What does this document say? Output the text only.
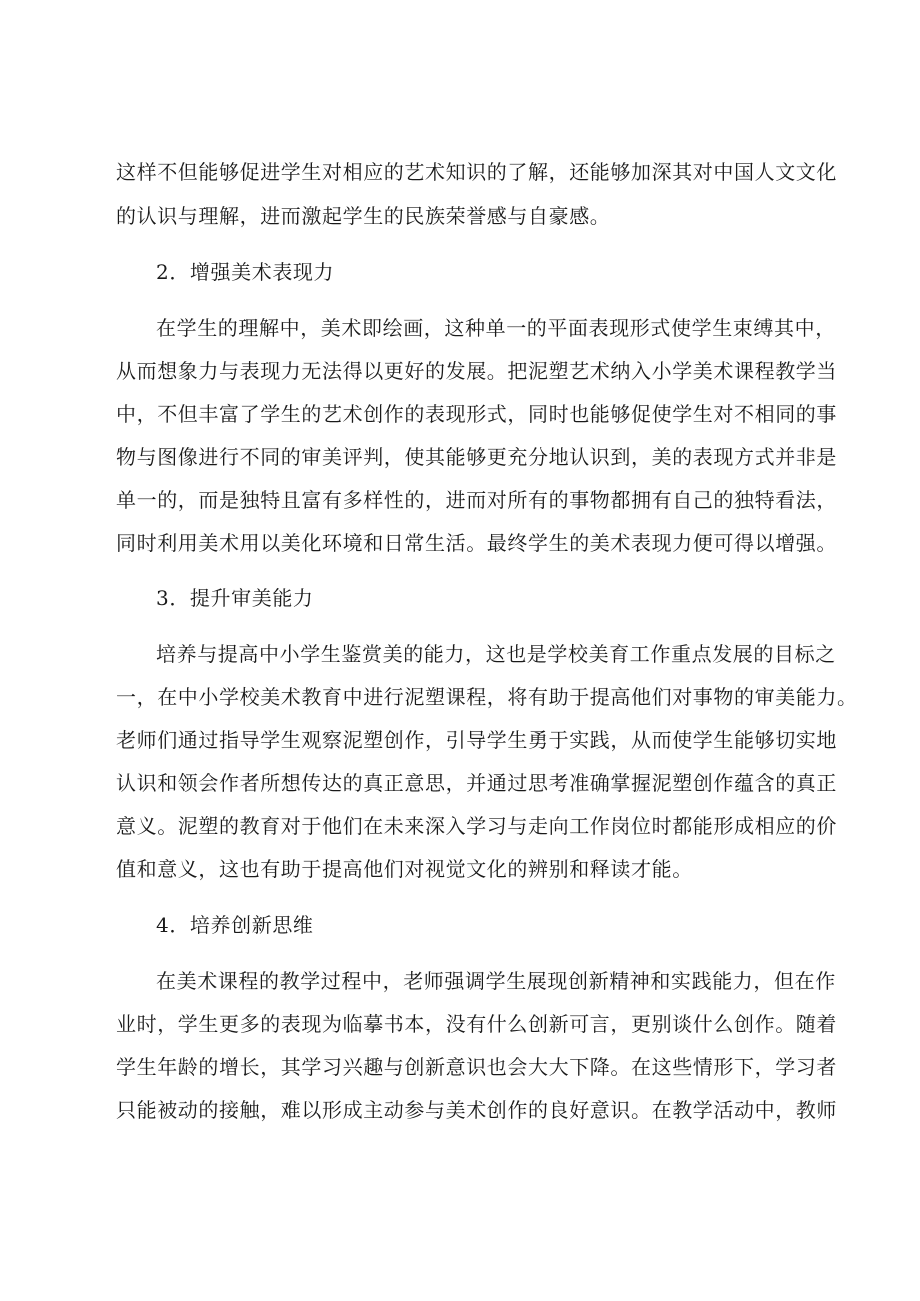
这样不但能够促进学生对相应的艺术知识的了解，还能够加深其对中国人文文化
的认识与理解，进而激起学生的民族荣誉感与自豪感。
2．增强美术表现力
在学生的理解中，美术即绘画，这种单一的平面表现形式使学生束缚其中，
从而想象力与表现力无法得以更好的发展。把泥塑艺术纳入小学美术课程教学当
中，不但丰富了学生的艺术创作的表现形式，同时也能够促使学生对不相同的事
物与图像进行不同的审美评判，使其能够更充分地认识到，美的表现方式并非是
单一的，而是独特且富有多样性的，进而对所有的事物都拥有自己的独特看法，
同时利用美术用以美化环境和日常生活。最终学生的美术表现力便可得以增强。
3．提升审美能力
培养与提高中小学生鉴赏美的能力，这也是学校美育工作重点发展的目标之
一，在中小学校美术教育中进行泥塑课程，将有助于提高他们对事物的审美能力。
老师们通过指导学生观察泥塑创作，引导学生勇于实践，从而使学生能够切实地
认识和领会作者所想传达的真正意思，并通过思考准确掌握泥塑创作蕴含的真正
意义。泥塑的教育对于他们在未来深入学习与走向工作岗位时都能形成相应的价
值和意义，这也有助于提高他们对视觉文化的辨别和释读才能。
4．培养创新思维
在美术课程的教学过程中，老师强调学生展现创新精神和实践能力，但在作
业时，学生更多的表现为临摹书本，没有什么创新可言，更别谈什么创作。随着
学生年龄的增长，其学习兴趣与创新意识也会大大下降。在这些情形下，学习者
只能被动的接触，难以形成主动参与美术创作的良好意识。在教学活动中，教师
